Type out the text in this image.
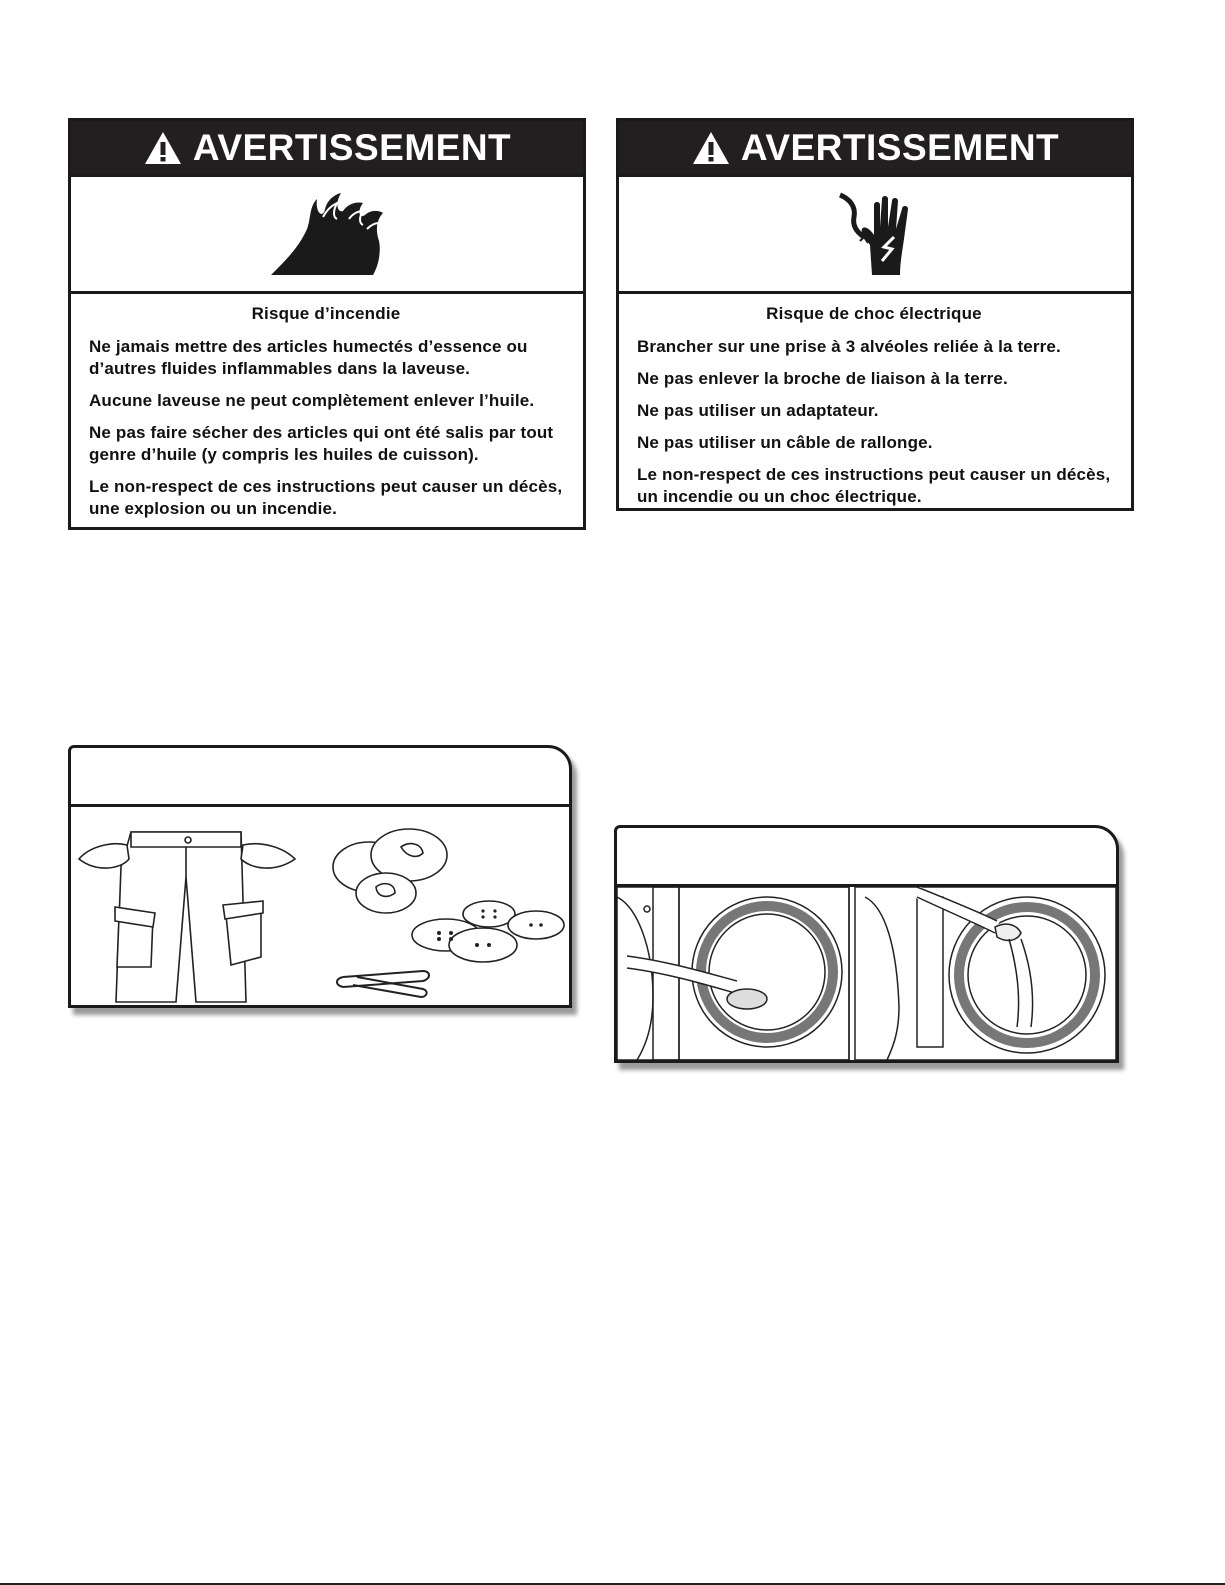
AVERTISSEMENT

Risque d’incendie

Ne jamais mettre des articles humectés d’essence ou d’autres fluides inflammables dans la laveuse.

Aucune laveuse ne peut complètement enlever l’huile.

Ne pas faire sécher des articles qui ont été salis par tout genre d’huile (y compris les huiles de cuisson).

Le non-respect de ces instructions peut causer un décès, une explosion ou un incendie.

AVERTISSEMENT

Risque de choc électrique

Brancher sur une prise à 3 alvéoles reliée à la terre.

Ne pas enlever la broche de liaison à la terre.

Ne pas utiliser un adaptateur.

Ne pas utiliser un câble de rallonge.

Le non-respect de ces instructions peut causer un décès, un incendie ou un choc électrique.
